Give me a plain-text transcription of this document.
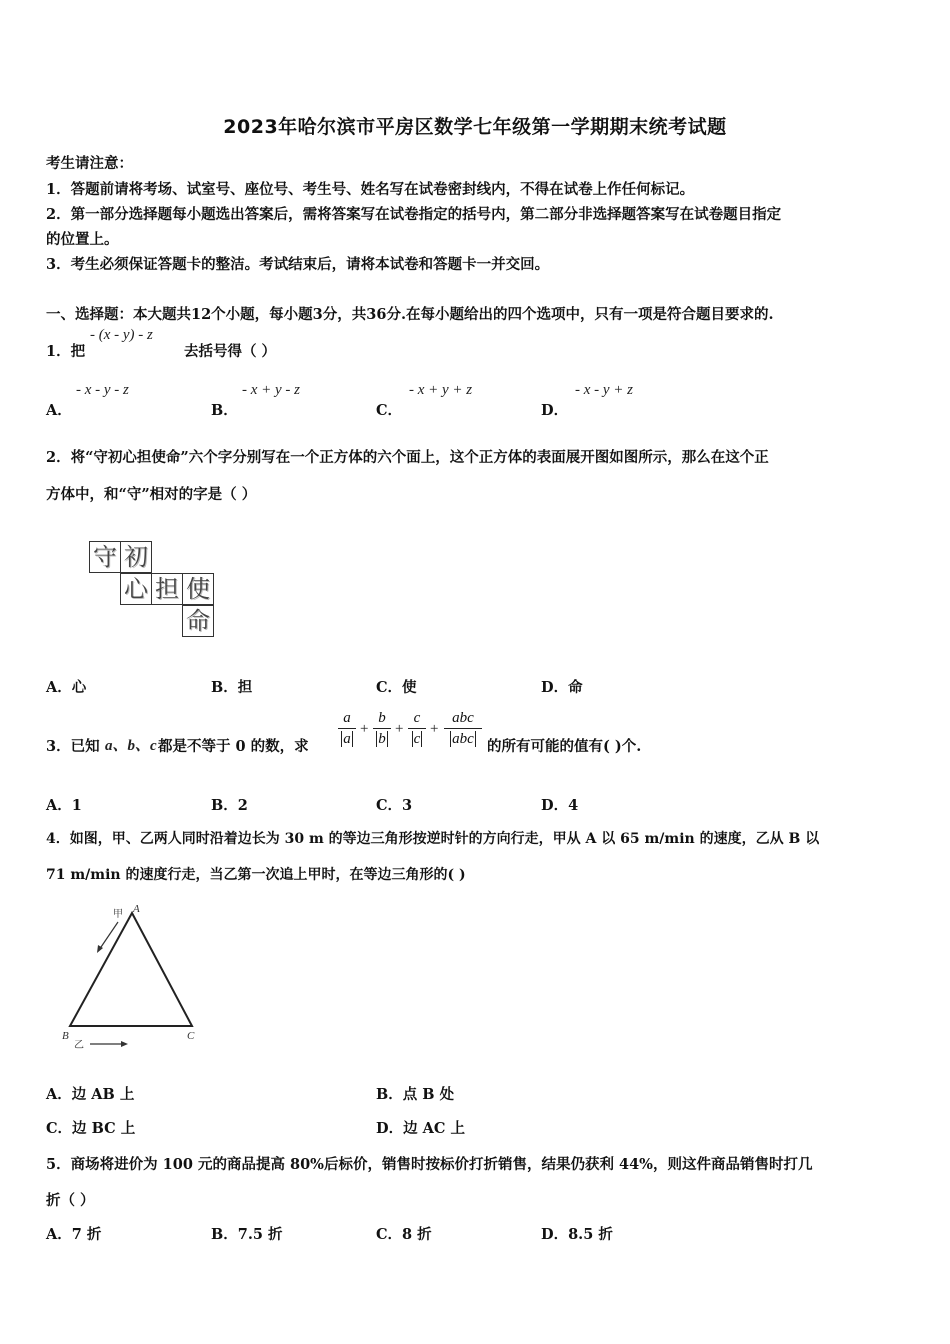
2023年哈尔滨市平房区数学七年级第一学期期末统考试题
考生请注意：
1．答题前请将考场、试室号、座位号、考生号、姓名写在试卷密封线内，不得在试卷上作任何标记。
2．第一部分选择题每小题选出答案后，需将答案写在试卷指定的括号内，第二部分非选择题答案写在试卷题目指定
的位置上。
3．考生必须保证答题卡的整洁。考试结束后，请将本试卷和答题卡一并交回。
一、选择题：本大题共12个小题，每小题3分，共36分.在每小题给出的四个选项中，只有一项是符合题目要求的.
1．把
- (x - y) - z
去括号得（ ）
A．
- x - y - z
B．
- x + y - z
C．
- x + y + z
D．
- x - y + z
2．将“守初心担使命”六个字分别写在一个正方体的六个面上，这个正方体的表面展开图如图所示，那么在这个正
方体中，和“守”相对的字是（ ）
守 初
心 担 使
命
A．心	B．担	C．使	D．命
3．已知 a、b、c 都是不等于 0 的数，求
a
a
+
b
b
+
c
c
+
abc
abc 的所有可能的值有( )个.
A．1	B．2	C．3	D．4
4．如图，甲、乙两人同时沿着边长为 30 m 的等边三角形按逆时针的方向行走，甲从 A 以 65 m/min 的速度，乙从 B 以
71 m/min 的速度行走，当乙第一次追上甲时，在等边三角形的( )
A
B	C
甲
乙
A．边 AB 上	B．点 B 处
C．边 BC 上	D．边 AC 上
5．商场将进价为 100 元的商品提高 80%后标价，销售时按标价打折销售，结果仍获利 44%，则这件商品销售时打几
折（ ）
A．7 折	B．7.5 折	C．8 折	D．8.5 折
